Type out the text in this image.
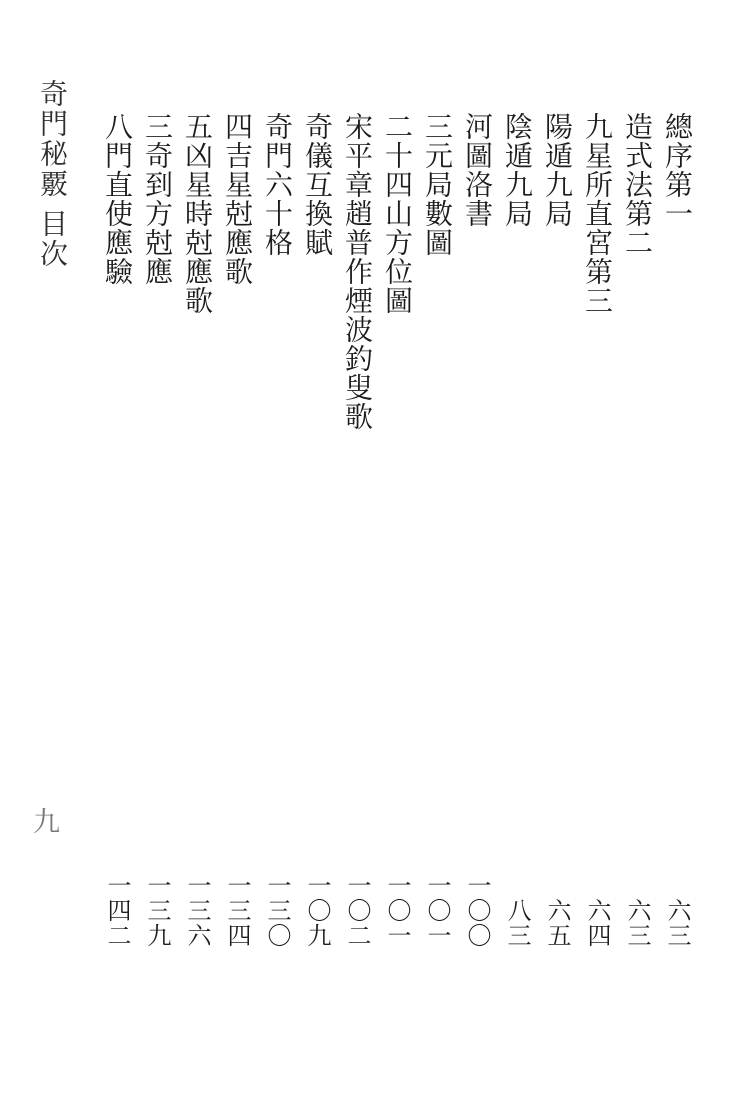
總序第一
造式法第二
九星所直宮第三
陽遁九局
陰遁九局
河圖洛書
三元局數圖
二十四山方位圖
宋平章趙普作煙波釣叟歌
奇儀互換賦
奇門六十格
四吉星尅應歌
五凶星時尅應歌
三奇到方尅應
八門直使應驗
六三
六三
六四
六五
八三
一〇〇
一〇一
一〇一
一〇二
一〇九
一三〇
一三四
一三六
一三九
一四二
奇門秘覈目次
九
